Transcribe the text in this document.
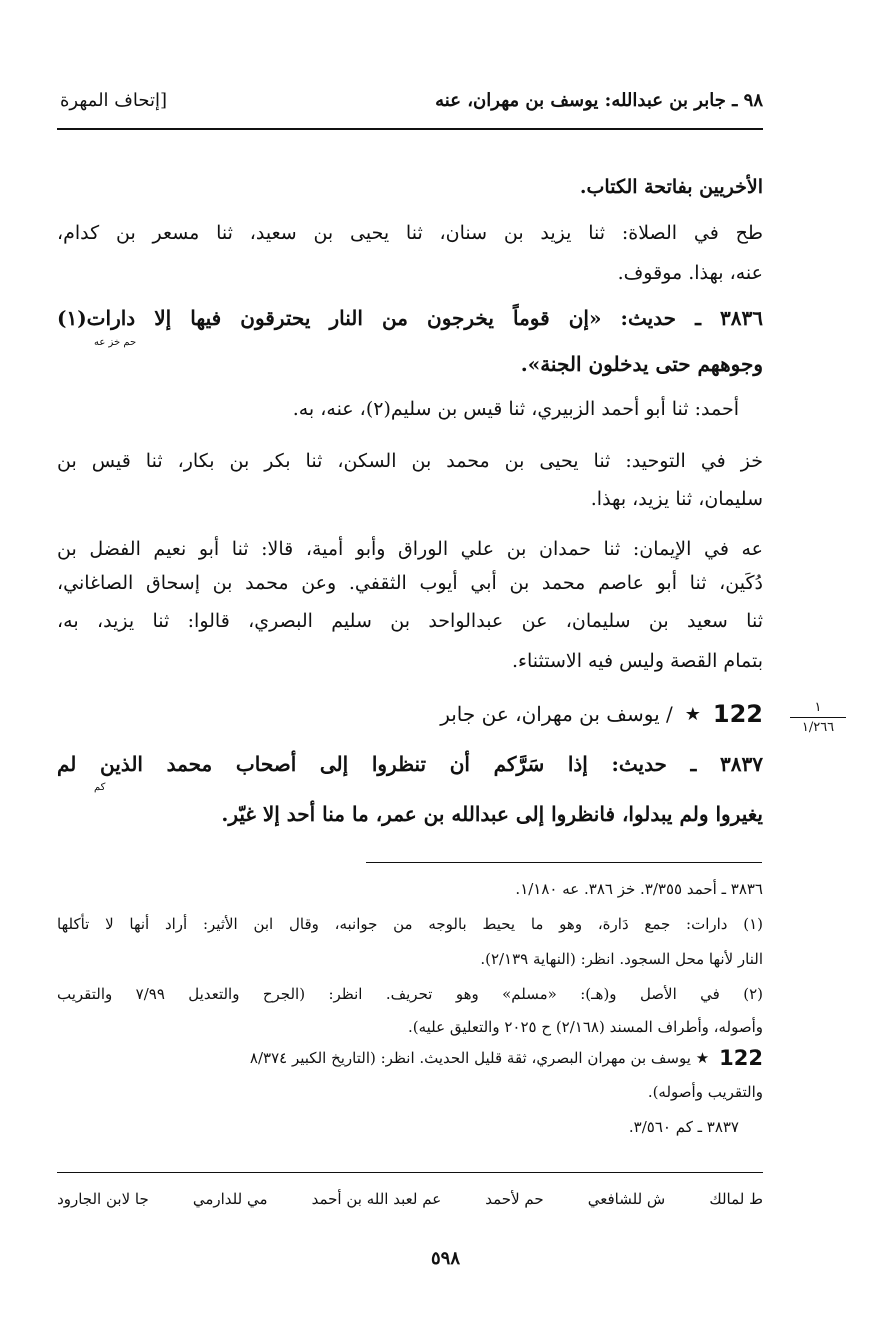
٩٨ ـ جابر بن عبدالله: يوسف بن مهران، عنه
[إتحاف المهرة
الأخريين بفاتحة الكتاب.
طح في الصلاة: ثنا يزيد بن سنان، ثنا يحيى بن سعيد، ثنا مسعر بن كدام،
عنه، بهذا. موقوف.
٣٨٣٦ ـ حديث: «إن قوماً يخرجون من النار يحترقون فيها إلا دارات(١)
حم خز عه
وجوههم حتى يدخلون الجنة».
أحمد: ثنا أبو أحمد الزبيري، ثنا قيس بن سليم(٢)، عنه، به.
خز في التوحيد: ثنا يحيى بن محمد بن السكن، ثنا بكر بن بكار، ثنا قيس بن
سليمان، ثنا يزيد، بهذا.
عه في الإيمان: ثنا حمدان بن علي الوراق وأبو أمية، قالا: ثنا أبو نعيم الفضل بن
دُكَين، ثنا أبو عاصم محمد بن أبي أيوب الثقفي. وعن محمد بن إسحاق الصاغاني،
ثنا سعيد بن سليمان، عن عبدالواحد بن سليم البصري، قالوا: ثنا يزيد، به،
بتمام القصة وليس فيه الاستثناء.
122
★
/ يوسف بن مهران، عن جابر	١
١/٢٦٦
٣٨٣٧ ـ حديث: إذا سَرَّكم أن تنظروا إلى أصحاب محمد الذين لم
كم
يغيروا ولم يبدلوا، فانظروا إلى عبدالله بن عمر، ما منا أحد إلا غيّر.
٣٨٣٦ ـ أحمد ٣/٣٥٥. خز ٣٨٦. عه ١/١٨٠.
(١) دارات: جمع دَارة، وهو ما يحيط بالوجه من جوانبه، وقال ابن الأثير: أراد أنها لا تأكلها
النار لأنها محل السجود. انظر: (النهاية ٢/١٣٩).
(٢) في الأصل و(هـ): «مسلم» وهو تحريف. انظر: (الجرح والتعديل ٧/٩٩ والتقريب
وأصوله، وأطراف المسند (٢/١٦٨) ح ٢٠٢٥ والتعليق عليه).
122
★ يوسف بن مهران البصري، ثقة قليل الحديث. انظر: (التاريخ الكبير ٨/٣٧٤
والتقريب وأصوله).
٣٨٣٧ ـ كم ٣/٥٦٠.
ط لمالك
ش للشافعي
حم لأحمد
عم لعبد الله بن أحمد
مي للدارمي
جا لابن الجارود
٥٩٨
